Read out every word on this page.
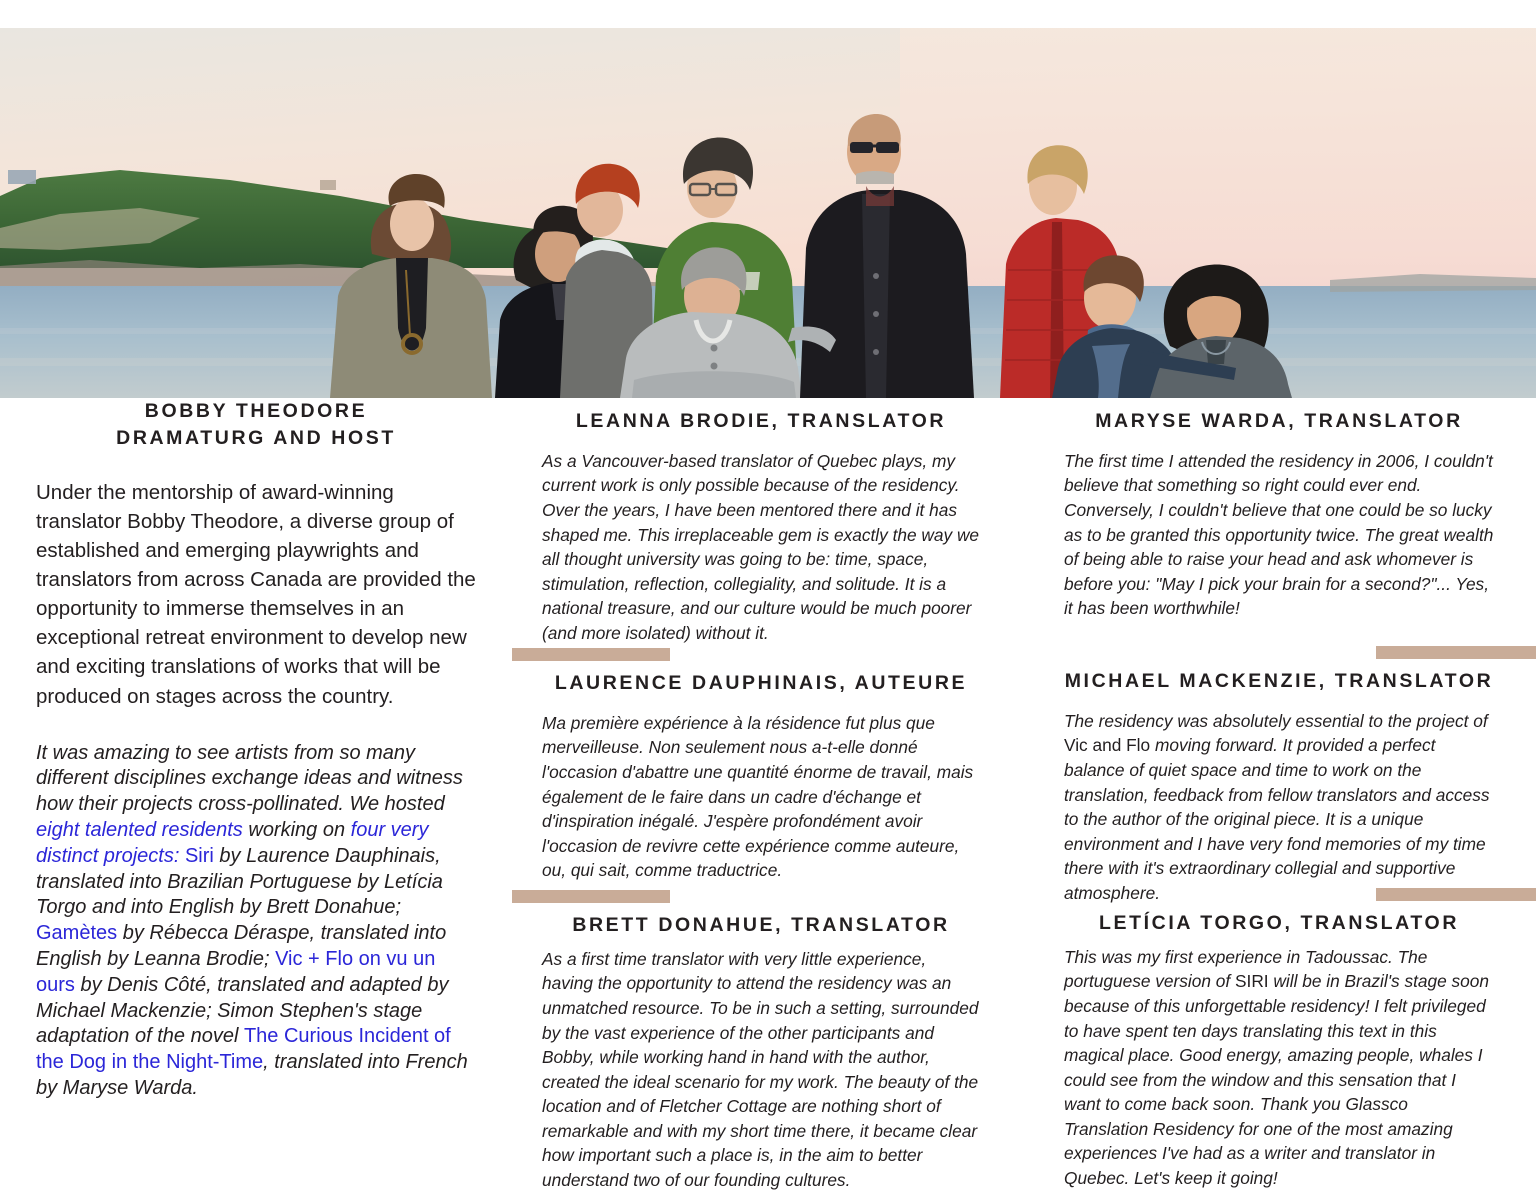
BOBBY THEODORE
DRAMATURG AND HOST

Under the mentorship of award-winning translator Bobby Theodore, a diverse group of established and emerging playwrights and translators from across Canada are provided the opportunity to immerse themselves in an exceptional retreat environment to develop new and exciting translations of works that will be produced on stages across the country.

It was amazing to see artists from so many different disciplines exchange ideas and witness how their projects cross-pollinated. We hosted eight talented residents working on four very distinct projects: Siri by Laurence Dauphinais, translated into Brazilian Portuguese by Letícia Torgo and into English by Brett Donahue; Gamètes by Rébecca Déraspe, translated into English by Leanna Brodie; Vic + Flo on vu un ours by Denis Côté, translated and adapted by Michael Mackenzie; Simon Stephen's stage adaptation of the novel The Curious Incident of the Dog in the Night-Time, translated into French by Maryse Warda.

LEANNA BRODIE, TRANSLATOR

As a Vancouver-based translator of Quebec plays, my current work is only possible because of the residency. Over the years, I have been mentored there and it has shaped me. This irreplaceable gem is exactly the way we all thought university was going to be: time, space, stimulation, reflection, collegiality, and solitude. It is a national treasure, and our culture would be much poorer (and more isolated) without it.

LAURENCE DAUPHINAIS, AUTEURE

Ma première expérience à la résidence fut plus que merveilleuse. Non seulement nous a-t-elle donné l'occasion d'abattre une quantité énorme de travail, mais également de le faire dans un cadre d'échange et d'inspiration inégalé. J'espère profondément avoir l'occasion de revivre cette expérience comme auteure, ou, qui sait, comme traductrice.

BRETT DONAHUE, TRANSLATOR

As a first time translator with very little experience, having the opportunity to attend the residency was an unmatched resource. To be in such a setting, surrounded by the vast experience of the other participants and Bobby, while working hand in hand with the author, created the ideal scenario for my work. The beauty of the location and of Fletcher Cottage are nothing short of remarkable and with my short time there, it became clear how important such a place is, in the aim to better understand two of our founding cultures.

MARYSE WARDA, TRANSLATOR

The first time I attended the residency in 2006, I couldn't believe that something so right could ever end. Conversely, I couldn't believe that one could be so lucky as to be granted this opportunity twice. The great wealth of being able to raise your head and ask whomever is before you: "May I pick your brain for a second?"... Yes, it has been worthwhile!

MICHAEL MACKENZIE, TRANSLATOR

The residency was absolutely essential to the project of Vic and Flo moving forward. It provided a perfect balance of quiet space and time to work on the translation, feedback from fellow translators and access to the author of the original piece. It is a unique environment and I have very fond memories of my time there with it's extraordinary collegial and supportive atmosphere.

LETÍCIA TORGO, TRANSLATOR

This was my first experience in Tadoussac. The portuguese version of SIRI will be in Brazil's stage soon because of this unforgettable residency! I felt privileged to have spent ten days translating this text in this magical place. Good energy, amazing people, whales I could see from the window and this sensation that I want to come back soon. Thank you Glassco Translation Residency for one of the most amazing experiences I've had as a writer and translator in Quebec. Let's keep it going!
